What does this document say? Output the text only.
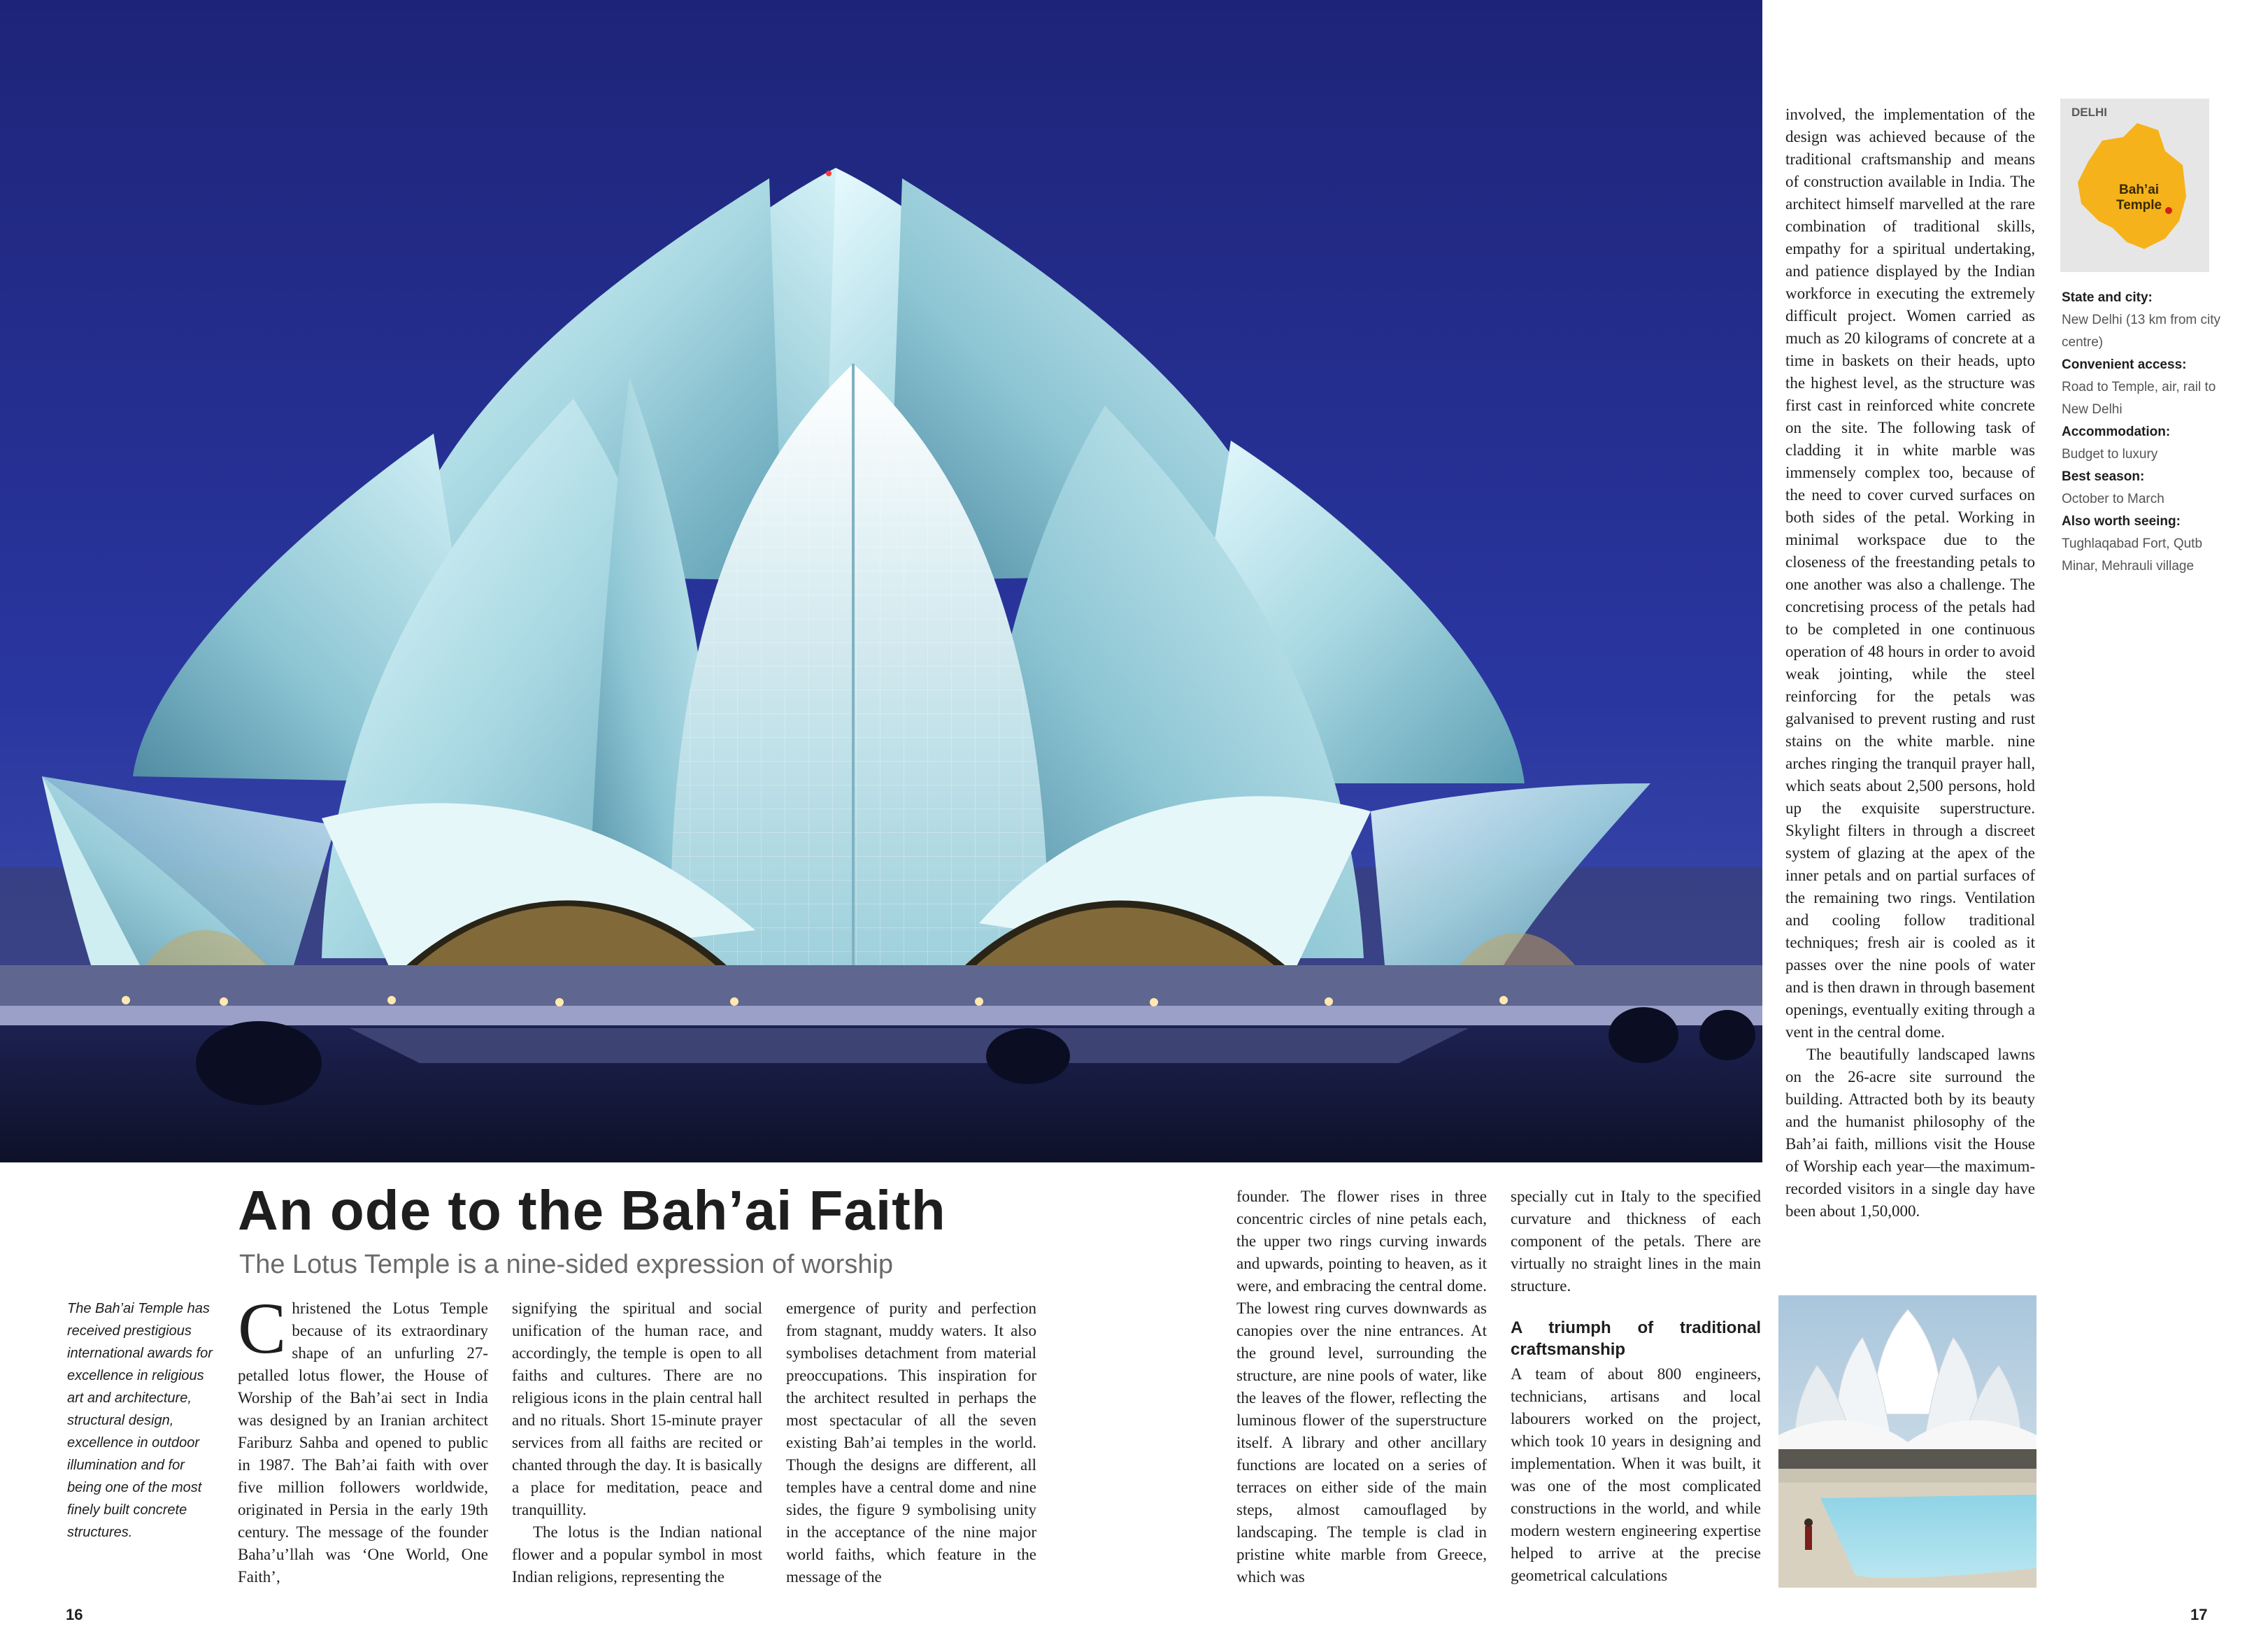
An ode to the Bah’ai Faith
The Lotus Temple is a nine-sided expression of worship
The Bah’ai Temple has received prestigious international awards for excellence in religious art and architecture, structural design, excellence in outdoor illumination and for being one of the most finely built concrete structures.

Christened the Lotus Temple because of its extraordinary shape of an unfurling 27-petalled lotus flower, the House of Worship of the Bah’ai sect in India was designed by an Iranian architect Fariburz Sahba and opened to public in 1987. The Bah’ai faith with over five million followers worldwide, originated in Persia in the early 19th century. The message of the founder Baha’u’llah was ‘One World, One Faith’,

signifying the spiritual and social unification of the human race, and accordingly, the temple is open to all faiths and cultures. There are no religious icons in the plain central hall and no rituals. Short 15-minute prayer services from all faiths are recited or chanted through the day. It is basically a place for meditation, peace and tranquillity.

The lotus is the Indian national flower and a popular symbol in most Indian religions, representing the

emergence of purity and perfection from stagnant, muddy waters. It also symbolises detachment from material preoccupations. This inspiration for the architect resulted in perhaps the most spectacular of all the seven existing Bah’ai temples in the world. Though the designs are different, all temples have a central dome and nine sides, the figure 9 symbolising unity in the acceptance of the nine major world faiths, which feature in the message of the

founder. The flower rises in three concentric circles of nine petals each, the upper two rings curving inwards and upwards, pointing to heaven, as it were, and embracing the central dome. The lowest ring curves downwards as canopies over the nine entrances. At the ground level, surrounding the structure, are nine pools of water, like the leaves of the flower, reflecting the luminous flower of the superstructure itself. A library and other ancillary functions are located on a series of terraces on either side of the main steps, almost camouflaged by landscaping. The temple is clad in pristine white marble from Greece, which was

specially cut in Italy to the specified curvature and thickness of each component of the petals. There are virtually no straight lines in the main structure.

A triumph of traditional craftsmanship

A team of about 800 engineers, technicians, artisans and local labourers worked on the project, which took 10 years in designing and implementation. When it was built, it was one of the most complicated constructions in the world, and while modern western engineering expertise helped to arrive at the precise geometrical calculations

involved, the implementation of the design was achieved because of the traditional craftsmanship and means of construction available in India. The architect himself marvelled at the rare combination of traditional skills, empathy for a spiritual undertaking, and patience displayed by the Indian workforce in executing the extremely difficult project. Women carried as much as 20 kilograms of concrete at a time in baskets on their heads, upto the highest level, as the structure was first cast in reinforced white concrete on the site. The following task of cladding it in white marble was immensely complex too, because of the need to cover curved surfaces on both sides of the petal. Working in minimal workspace due to the closeness of the freestanding petals to one another was also a challenge. The concretising process of the petals had to be completed in one continuous operation of 48 hours in order to avoid weak jointing, while the steel reinforcing for the petals was galvanised to prevent rusting and rust stains on the white marble. nine arches ringing the tranquil prayer hall, which seats about 2,500 persons, hold up the exquisite superstructure. Skylight filters in through a discreet system of glazing at the apex of the inner petals and on partial surfaces of the remaining two rings. Ventilation and cooling follow traditional techniques; fresh air is cooled as it passes over the nine pools of water and is then drawn in through basement openings, eventually exiting through a vent in the central dome.

The beautifully landscaped lawns on the 26-acre site surround the building. Attracted both by its beauty and the humanist philosophy of the Bah’ai faith, millions visit the House of Worship each year—the maximum-recorded visitors in a single day have been about 1,50,000.

DELHI
Bah’ai
Temple
State and city:
New Delhi (13 km from city centre)
Convenient access:
Road to Temple, air, rail to New Delhi
Accommodation:
Budget to luxury
Best season:
October to March
Also worth seeing:
Tughlaqabad Fort, Qutb Minar, Mehrauli village
16	17
